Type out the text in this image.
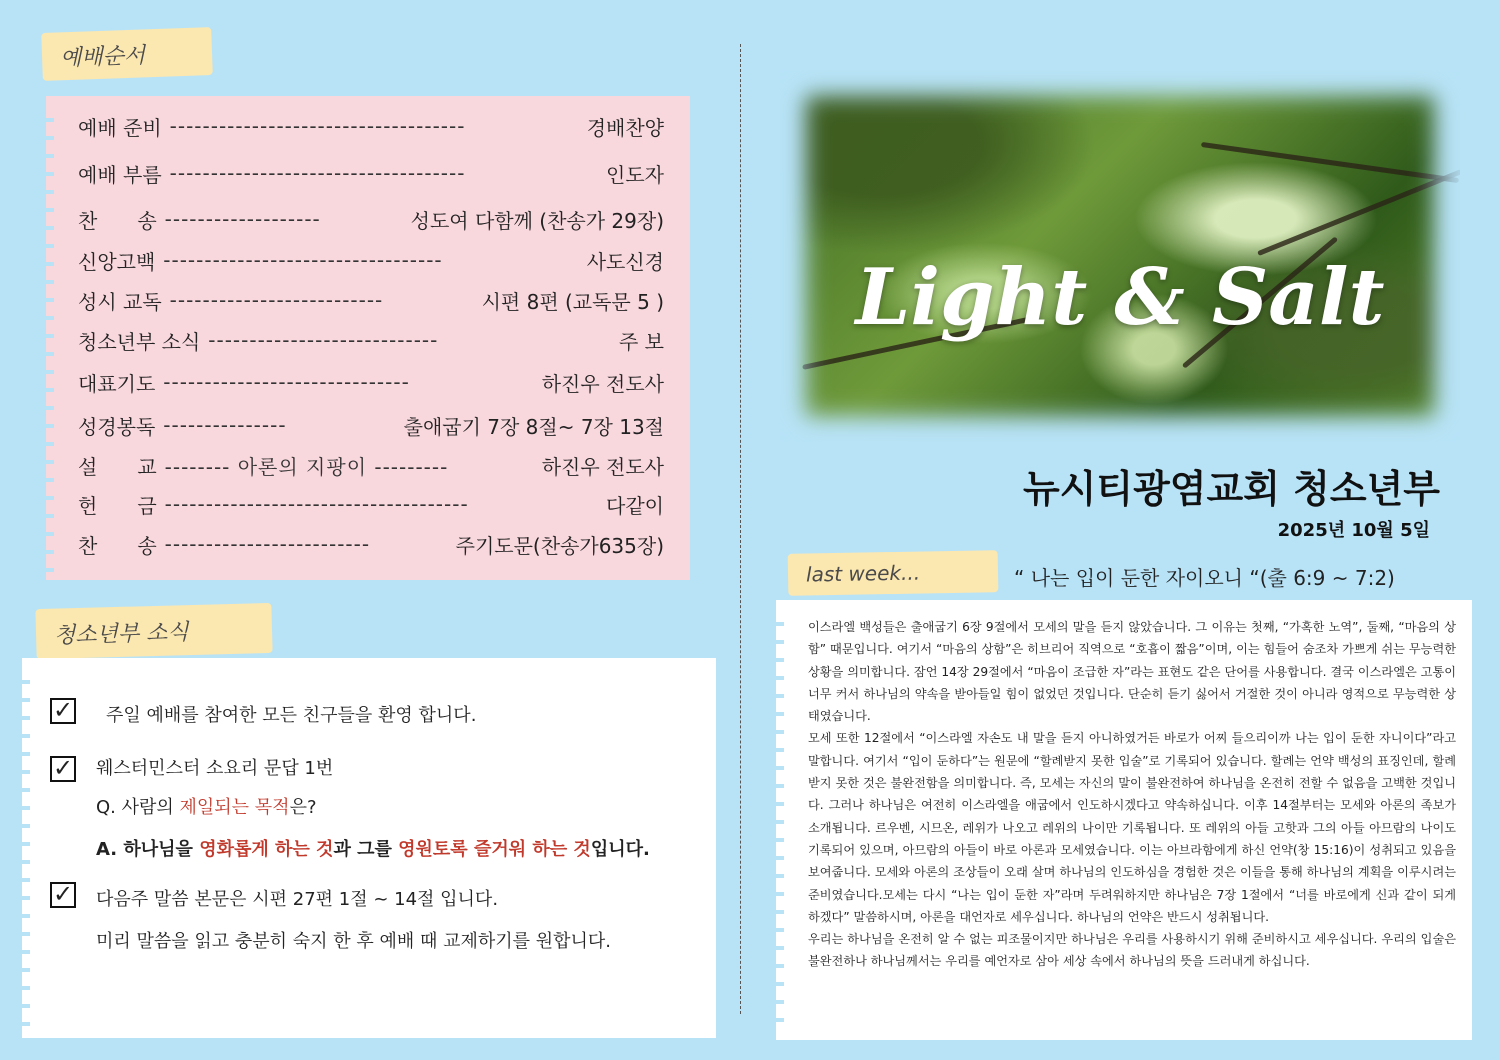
예배순서
예배 준비 ------------------------------------	경배찬양
예배 부름 ------------------------------------	인도자
찬　　송 -------------------	성도여 다함께 (찬송가 29장)
신앙고백 ----------------------------------	사도신경
성시 교독 --------------------------	시편 8편 (교독문 5 )
청소년부 소식 ----------------------------	주 보
대표기도 ------------------------------	하진우 전도사
성경봉독 ---------------	출애굽기 7장 8절~ 7장 13절
설　　교 -------- 아론의 지팡이 ---------	하진우 전도사
헌　　금 -------------------------------------	다같이
찬　　송 -------------------------	주기도문(찬송가635장)
청소년부 소식
✓	주일 예배를 참여한 모든 친구들을 환영 합니다.
✓ 웨스터민스터 소요리 문답 1번
Q. 사람의 제일되는 목적은?
A. 하나님을 영화롭게 하는 것과 그를 영원토록 즐거워 하는 것입니다.
✓ 다음주 말씀 본문은 시편 27편 1절 ~ 14절 입니다.
미리 말씀을 읽고 충분히 숙지 한 후 예배 때 교제하기를 원합니다.
Light & Salt
뉴시티광염교회 청소년부
2025년 10월 5일
last week...	“ 나는 입이 둔한 자이오니 “(출 6:9 ~ 7:2)

이스라엘 백성들은 출애굽기 6장 9절에서 모세의 말을 듣지 않았습니다. 그 이유는 첫째, “가혹한 노역”, 둘째, “마음의 상함” 때문입니다. 여기서 “마음의 상함”은 히브리어 직역으로 “호흡이 짧음”이며, 이는 힘들어 숨조차 가쁘게 쉬는 무능력한 상황을 의미합니다. 잠언 14장 29절에서 “마음이 조급한 자”라는 표현도 같은 단어를 사용합니다. 결국 이스라엘은 고통이 너무 커서 하나님의 약속을 받아들일 힘이 없었던 것입니다. 단순히 듣기 싫어서 거절한 것이 아니라 영적으로 무능력한 상태였습니다.

모세 또한 12절에서 “이스라엘 자손도 내 말을 듣지 아니하였거든 바로가 어찌 들으리이까 나는 입이 둔한 자니이다”라고 말합니다. 여기서 “입이 둔하다”는 원문에 “할례받지 못한 입술”로 기록되어 있습니다. 할례는 언약 백성의 표징인데, 할례받지 못한 것은 불완전함을 의미합니다. 즉, 모세는 자신의 말이 불완전하여 하나님을 온전히 전할 수 없음을 고백한 것입니다. 그러나 하나님은 여전히 이스라엘을 애굽에서 인도하시겠다고 약속하십니다. 이후 14절부터는 모세와 아론의 족보가 소개됩니다. 르우벤, 시므온, 레위가 나오고 레위의 나이만 기록됩니다. 또 레위의 아들 고핫과 그의 아들 아므람의 나이도 기록되어 있으며, 아므람의 아들이 바로 아론과 모세였습니다. 이는 아브라함에게 하신 언약(창 15:16)이 성취되고 있음을 보여줍니다. 모세와 아론의 조상들이 오래 살며 하나님의 인도하심을 경험한 것은 이들을 통해 하나님의 계획을 이루시려는 준비였습니다.모세는 다시 “나는 입이 둔한 자”라며 두려워하지만 하나님은 7장 1절에서 “너를 바로에게 신과 같이 되게 하겠다” 말씀하시며, 아론을 대언자로 세우십니다. 하나님의 언약은 반드시 성취됩니다.

우리는 하나님을 온전히 알 수 없는 피조물이지만 하나님은 우리를 사용하시기 위해 준비하시고 세우십니다. 우리의 입술은 불완전하나 하나님께서는 우리를 예언자로 삼아 세상 속에서 하나님의 뜻을 드러내게 하십니다.
